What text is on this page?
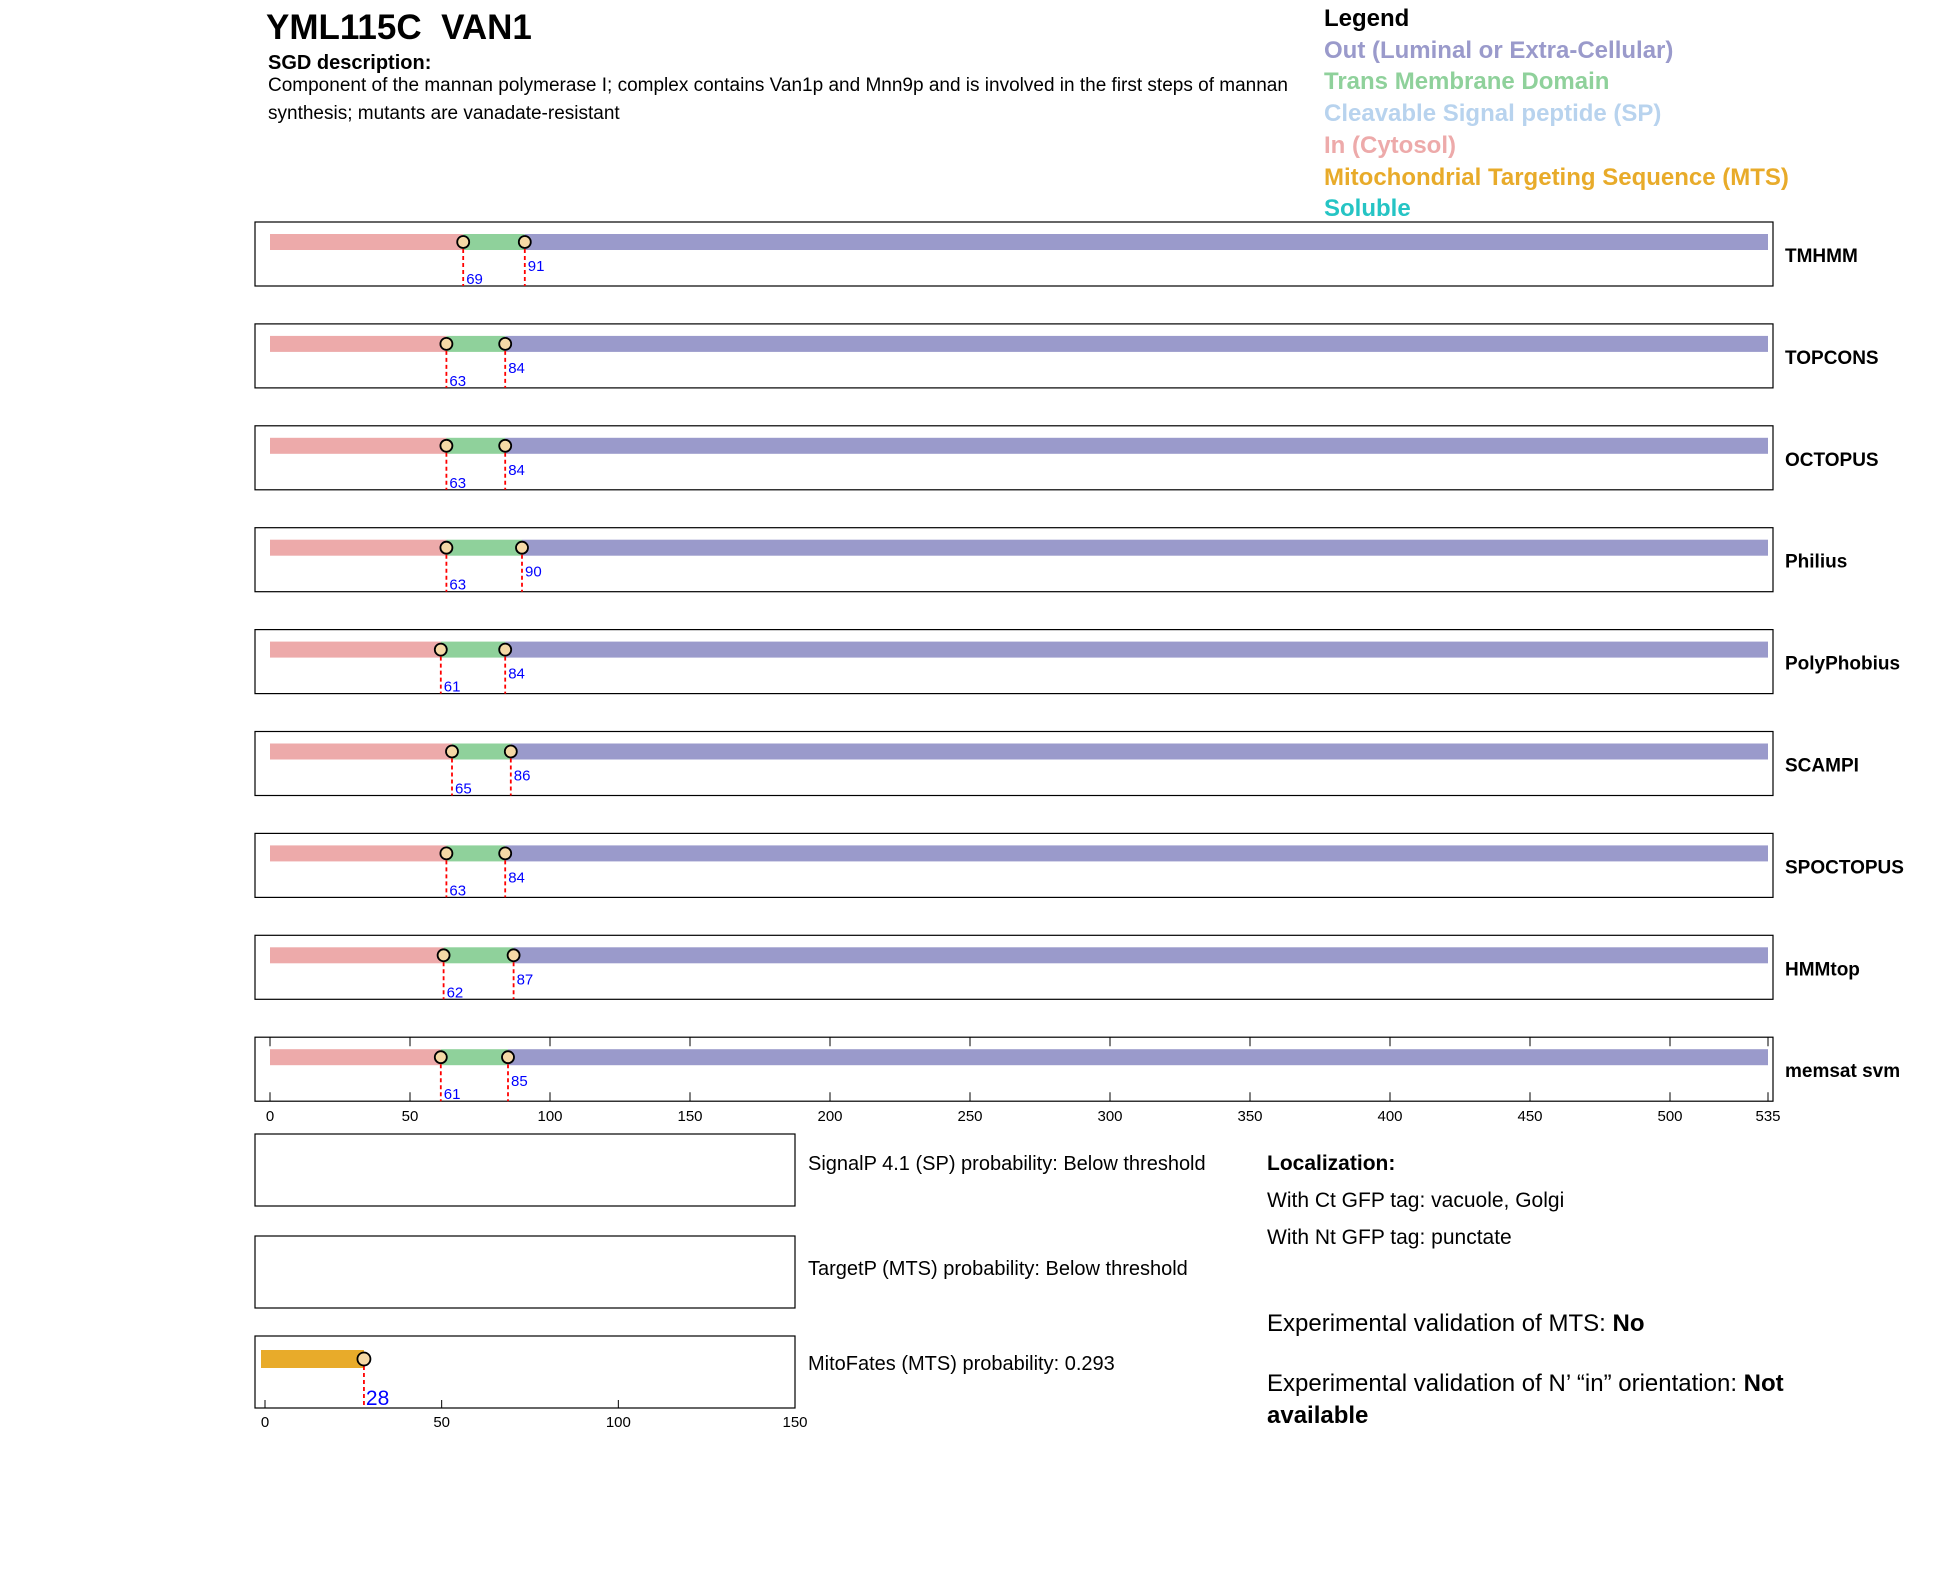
YML115C  VAN1
SGD description:
Component of the mannan polymerase I; complex contains Van1p and Mnn9p and is involved in the first steps of mannan synthesis; mutants are vanadate-resistant
Legend
Out (Luminal or Extra-Cellular)
Trans Membrane Domain
Cleavable Signal peptide (SP)
In (Cytosol)
Mitochondrial Targeting Sequence (MTS)
Soluble
69
91	TMHMM
63
84	TOPCONS
63
84	OCTOPUS
63
90	Philius
61
84	PolyPhobius
65
86	SCAMPI
63
84	SPOCTOPUS
62
87	HMMtop
61
85	memsat svm
0	50	100	150	200	250	300	350	400	450	500	535
28
0	50	100	150
SignalP 4.1 (SP) probability: Below threshold
TargetP (MTS) probability: Below threshold
MitoFates (MTS) probability: 0.293
Localization:
With Ct GFP tag: vacuole, Golgi
With Nt GFP tag: punctate
Experimental validation of MTS: No
Experimental validation of N’ “in” orientation: Not available
